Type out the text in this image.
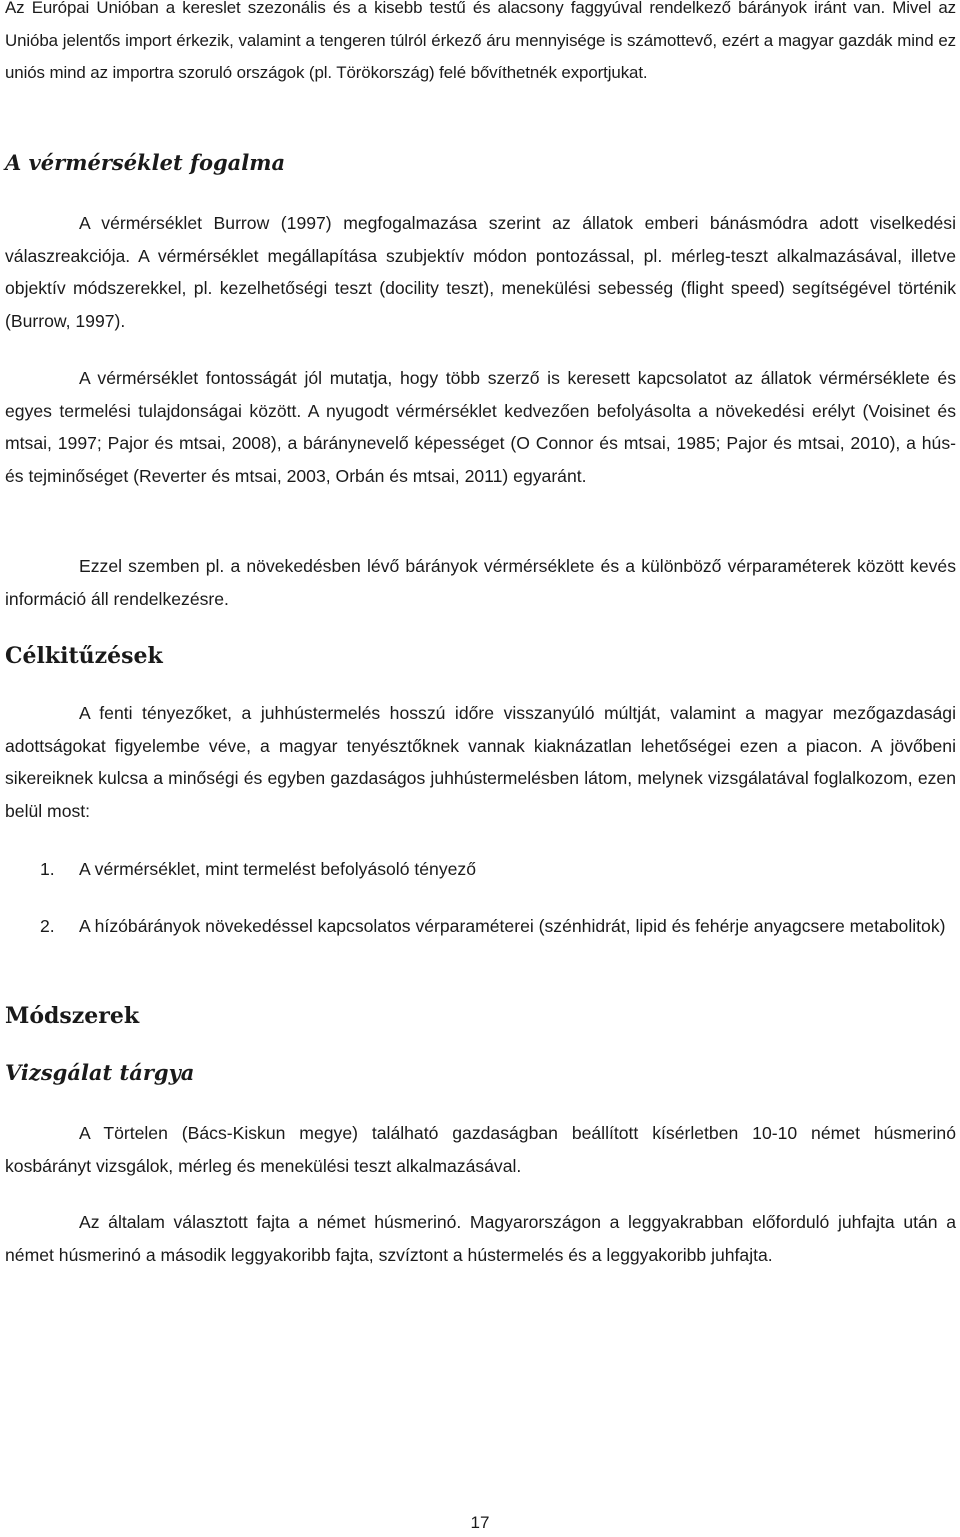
Az Európai Unióban a kereslet szezonális és a kisebb testű és alacsony faggyúval rendelkező bárányok iránt van. Mivel az Unióba jelentős import érkezik, valamint a tengeren túlról érkező áru mennyisége is számottevő, ezért a magyar gazdák mind ez uniós mind az importra szoruló országok (pl. Törökország) felé bővíthetnék exportjukat.

A vérmérséklet fogalma

A vérmérséklet Burrow (1997) megfogalmazása szerint az állatok emberi bánásmódra adott viselkedési válaszreakciója. A vérmérséklet megállapítása szubjektív módon pontozással, pl. mérleg-teszt alkalmazásával, illetve objektív módszerekkel, pl. kezelhetőségi teszt (docility teszt), menekülési sebesség (flight speed) segítségével történik (Burrow, 1997).

A vérmérséklet fontosságát jól mutatja, hogy több szerző is keresett kapcsolatot az állatok vérmérséklete és egyes termelési tulajdonságai között. A nyugodt vérmérséklet kedvezően befolyásolta a növekedési erélyt (Voisinet és mtsai, 1997; Pajor és mtsai, 2008), a báránynevelő képességet (O Connor és mtsai, 1985; Pajor és mtsai, 2010), a hús- és tejminőséget (Reverter és mtsai, 2003, Orbán és mtsai, 2011) egyaránt.

Ezzel szemben pl. a növekedésben lévő bárányok vérmérséklete és a különböző vérparaméterek között kevés információ áll rendelkezésre.

Célkitűzések

A fenti tényezőket, a juhhústermelés hosszú időre visszanyúló múltját, valamint a magyar mezőgazdasági adottságokat figyelembe véve, a magyar tenyésztőknek vannak kiaknázatlan lehetőségei ezen a piacon. A jövőbeni sikereiknek kulcsa a minőségi és egyben gazdaságos juhhústermelésben látom, melynek vizsgálatával foglalkozom, ezen belül most:

1. A vérmérséklet, mint termelést befolyásoló tényező
2. A hízóbárányok növekedéssel kapcsolatos vérparaméterei (szénhidrát, lipid és fehérje anyagcsere metabolitok)
Módszerek
Vizsgálat tárgya

A Törtelen (Bács-Kiskun megye) található gazdaságban beállított kísérletben 10-10 német húsmerinó kosbárányt vizsgálok, mérleg és menekülési teszt alkalmazásával.

Az általam választott fajta a német húsmerinó. Magyarországon a leggyakrabban előforduló juhfajta után a német húsmerinó a második leggyakoribb fajta, szvíztont a hústermelés és a leggyakoribb juhfajta.

17
